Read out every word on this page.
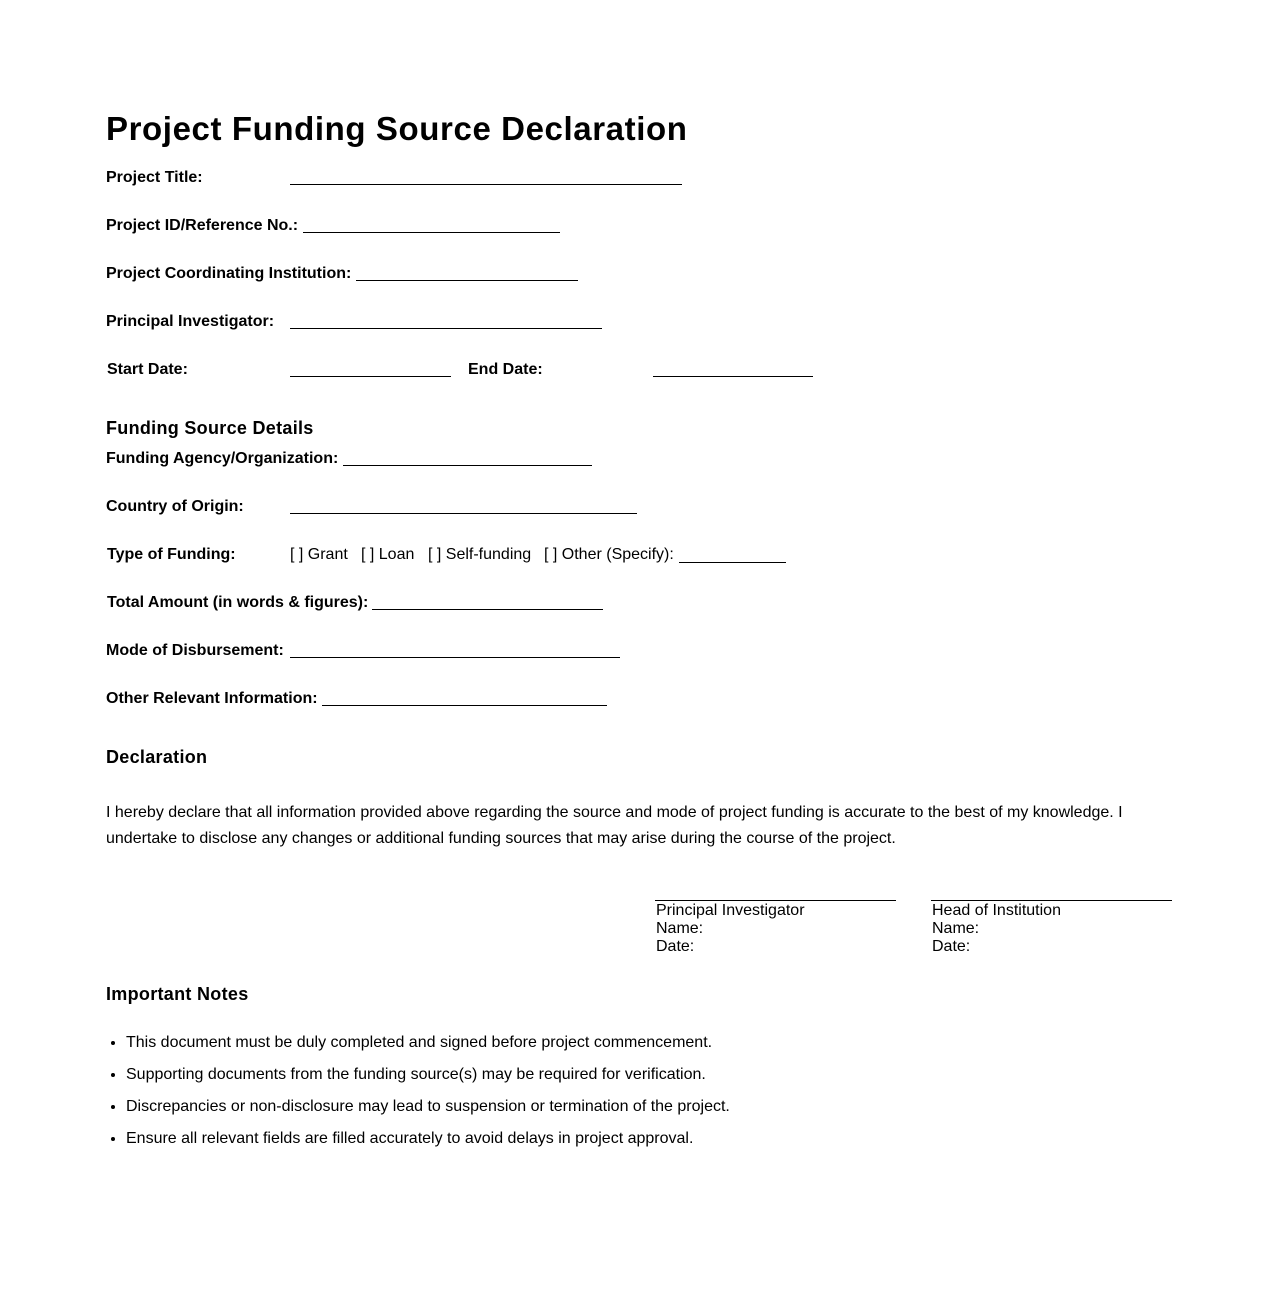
Project Funding Source Declaration
Project Title:
Project ID/Reference No.:
Project Coordinating Institution:
Principal Investigator:
Start Date:	End Date:
Funding Source Details
Funding Agency/Organization:
Country of Origin:
Type of Funding:	[ ] Grant [ ] Loan [ ] Self-funding [ ] Other (Specify):
Total Amount (in words & figures):
Mode of Disbursement:
Other Relevant Information:
Declaration
I hereby declare that all information provided above regarding the source and mode of project funding is accurate to the best of my knowledge. I undertake to disclose any changes or additional funding sources that may arise during the course of the project.
Principal Investigator
Name:
Date:
Head of Institution
Name:
Date:
Important Notes
• This document must be duly completed and signed before project commencement.
• Supporting documents from the funding source(s) may be required for verification.
• Discrepancies or non-disclosure may lead to suspension or termination of the project.
• Ensure all relevant fields are filled accurately to avoid delays in project approval.
